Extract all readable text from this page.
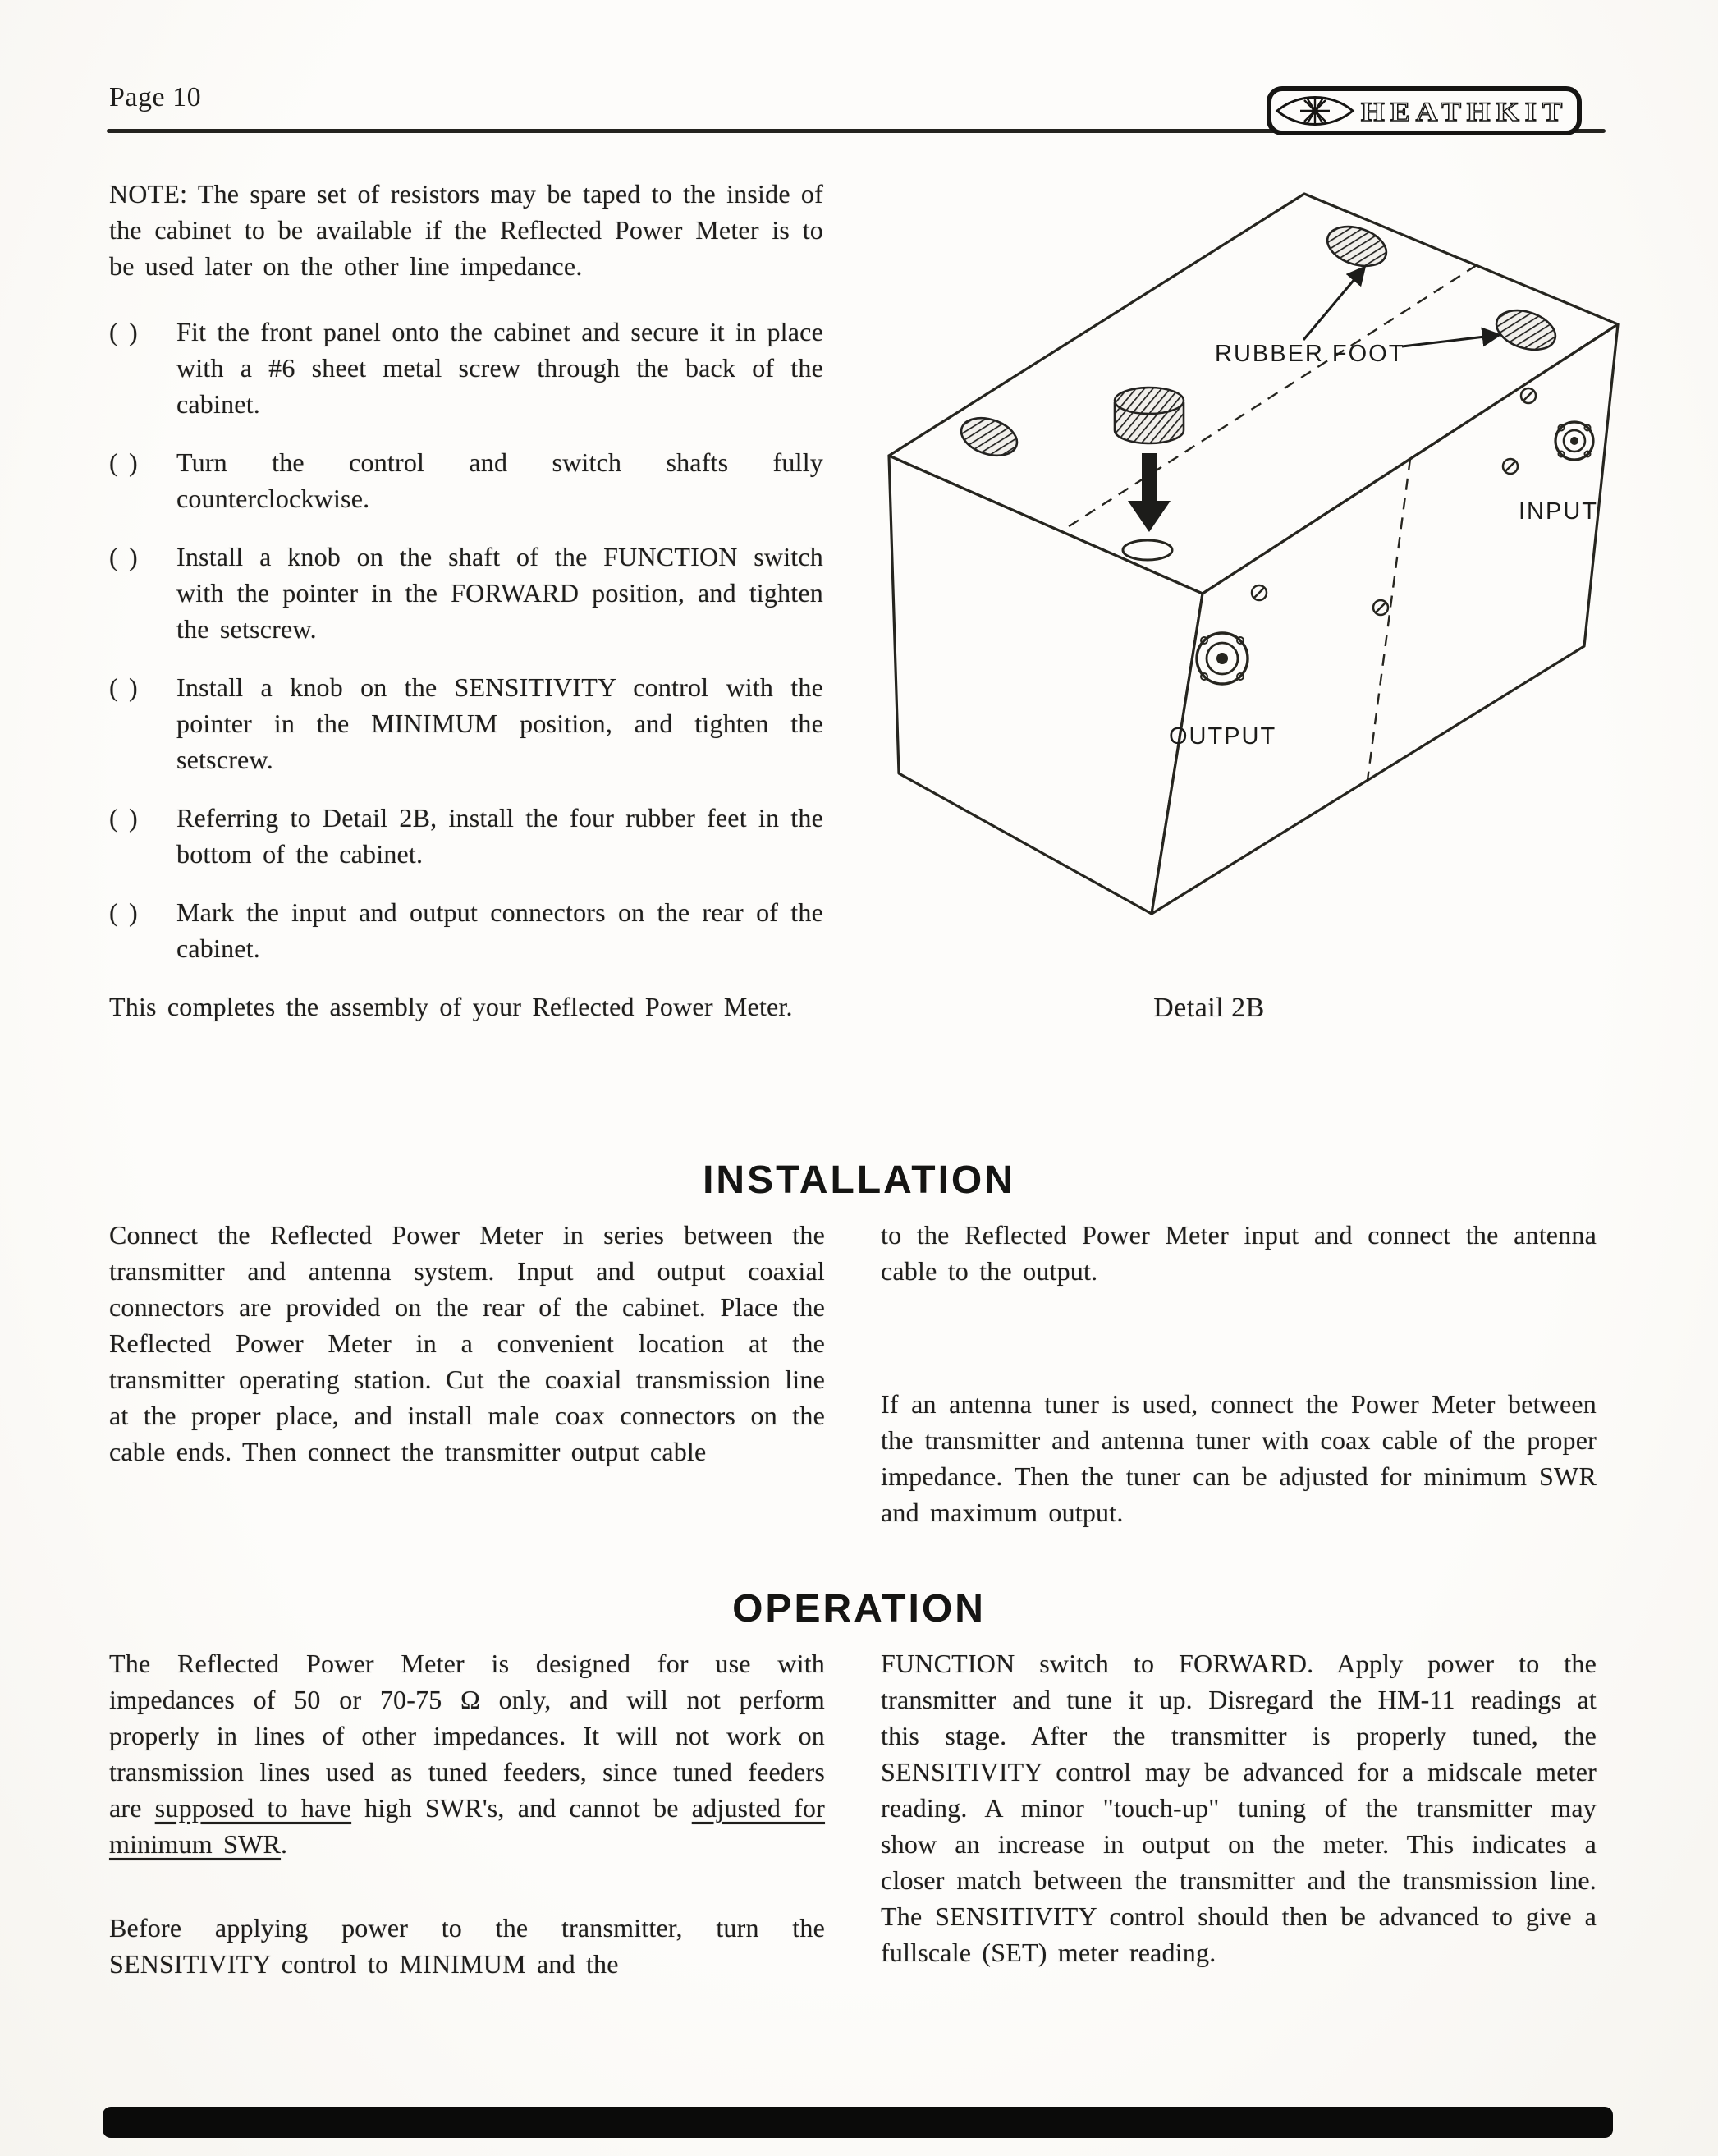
Page 10	HEATHKIT

NOTE: The spare set of resistors may be taped to the inside of the cabinet to be available if the Reflected Power Meter is to be used later on the other line impedance.

( )	Fit the front panel onto the cabinet and secure it in place with a #6 sheet metal screw through the back of the cabinet.

( )	Turn the control and switch shafts fully counterclockwise.

( )	Install a knob on the shaft of the FUNCTION switch with the pointer in the FORWARD position, and tighten the setscrew.

( )	Install a knob on the SENSITIVITY control with the pointer in the MINIMUM position, and tighten the setscrew.

( )	Referring to Detail 2B, install the four rubber feet in the bottom of the cabinet.

( )	Mark the input and output connectors on the rear of the cabinet.

This completes the assembly of your Reflected Power Meter.

RUBBER FOOT
INPUT
OUTPUT
Detail 2B
INSTALLATION

Connect the Reflected Power Meter in series between the transmitter and antenna system. Input and output coaxial connectors are provided on the rear of the cabinet. Place the Reflected Power Meter in a convenient location at the transmitter operating station. Cut the coaxial transmission line at the proper place, and install male coax connectors on the cable ends. Then connect the transmitter output cable

to the Reflected Power Meter input and connect the antenna cable to the output.

If an antenna tuner is used, connect the Power Meter between the transmitter and antenna tuner with coax cable of the proper impedance. Then the tuner can be adjusted for minimum SWR and maximum output.

OPERATION

The Reflected Power Meter is designed for use with impedances of 50 or 70-75 Ω only, and will not perform properly in lines of other impedances. It will not work on transmission lines used as tuned feeders, since tuned feeders are supposed to have high SWR's, and cannot be adjusted for minimum SWR.

Before applying power to the transmitter, turn the SENSITIVITY control to MINIMUM and the

FUNCTION switch to FORWARD. Apply power to the transmitter and tune it up. Disregard the HM-11 readings at this stage. After the transmitter is properly tuned, the SENSITIVITY control may be advanced for a midscale meter reading. A minor "touch-up" tuning of the transmitter may show an increase in output on the meter. This indicates a closer match between the transmitter and the transmission line. The SENSITIVITY control should then be advanced to give a fullscale (SET) meter reading.
